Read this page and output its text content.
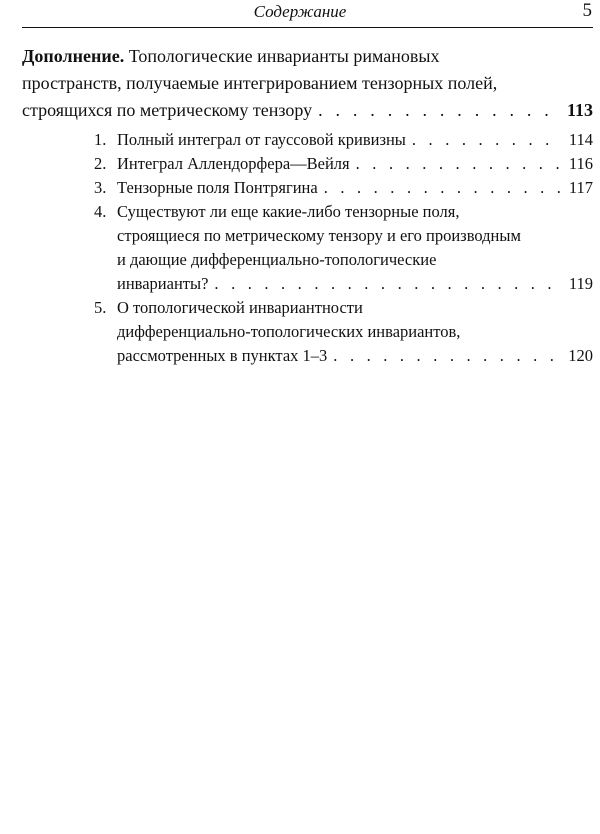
Содержание	5
Дополнение. Топологические инварианты римановых
пространств, получаемые интегрированием тензорных полей,
строящихся по метрическому тензору . . .	113
1. Полный интеграл от гауссовой кривизны . . .	114
2. Интеграл Аллендорфера—Вейля . . .	116
3. Тензорные поля Понтрягина . . .	117
4. Существуют ли еще какие-либо тензорные поля,
строящиеся по метрическому тензору и его производным
и дающие дифференциально-топологические
инварианты? . . .	119
5. О топологической инвариантности
дифференциально-топологических инвариантов,
рассмотренных в пунктах 1–3 . . .	120
